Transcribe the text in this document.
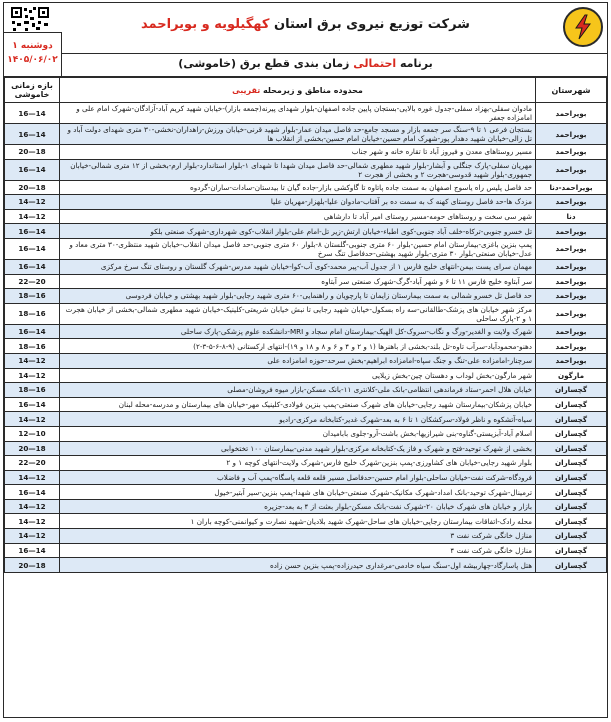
شرکت توزیع نیروی برق استان کهگیلویه و بویراحمد
برنامه احتمالی زمان بندی قطع برق (خاموشی)
دوشنبه ۱
۱۴۰۵/۰۶/۰۲
شهرستان	محدوده مناطق و زیرمحله تقریبی	بازه زمانی خاموشی
بویراحمد	مادوان سفلی-بهزاد سفلی-جدول غوره بالایی-بستجان پایین جاده اصفهان-بلوار شهدای پیرنه(جمعه بازار)-خیابان شهید کریم آباد-آزادگان-شهرک امام علی و امامزاده جعفر	16—14
بویراحمد	بستجان فرعی ۱ تا ۹-سنگ سر جمعه بازار و مسجد جامع-حد فاصل میدان عمار-بلوار شهید قرنی-خیابان ورزش-راهداران-نخشی-۳۰ متری شهدای دولت آباد و تل زالی-خیابان شهید دهدار پور-شهرک امام حسین-خیابان امام حسین-بخشی از انقلاب ها	16—14
بویراحمد	مسیر روستاهای معدن و فیروز آباد تا تقاره خانه و شهر جناب	20—18
بویراحمد	مهریان سفلی-پارک جنگلی و آبشار-بلوار شهید مطهری شمالی-حد فاصل میدان شهدا تا شهدای ۱-بلوار استاندارد-بلوار ارم-بخشی از ۱۲ متری شمالی-خیابان جمهوری-بلوار شهید قدوسی-هجرت ۲ و بخشی از هجرت ۲	16—14
بویراحمد-دنا	حد فاصل پلیس راه یاسوج اصفهان به سمت جاده پاتاوه تا گاوکشی بازار-جاده گیان تا بیدستان-سادات-ساران-گردوه	20—18
بویراحمد	مزدک ها-حد فاصل روستای کهنه ک به سمت ده بر آفتاب-مادوان علیا-بلهزار-مهریان علیا	14—12
دنا	شهر سی سخت و روستاهای حومه-مسیر روستای امیر آباد تا دارشاهی	14—12
بویراحمد	تل خسرو جنوبی-ترکاه-خلف آباد جنوبی-کوی اطباء-خیابان ارتش-زیر تل-امام علی-بلوار انقلاب-کوی شهرداری-شهرک صنعتی بلکو	16—14
بویراحمد	پمپ بنزین باغزی-بیمارستان امام حسین-بلوار ۶۰ متری جنوبی-گلستان ۸-بلوار ۶۰ متری جنوبی-حد فاصل میدان انقلاب-خیابان شهید منتظری-۳۰ متری معاد و عدل-خیابان صنعتی-بلوار ۳۰ متری-بلوار شهید بهشتی-حدفاصل تنگ سرخ	16—14
بویراحمد	مهمان سرای پست بیمن-انتهای خلیج فارس ۱ از جدول آب-پیر محمد-کوی آب-کوا-خیابان شهید مدرس-شهرک گلستان و روستای تنگ سرخ مرکزی	16—14
بویراحمد	سر آبتاوه خلیج فارس ۱۱ تا ۶ و شهر آباد-گرگ-شهرک صنعتی سر آبتاوه	22—20
بویراحمد	حد فاصل تل خسرو شمالی به سمت بیمارستان زایمان تا پارچویان و راهنمایی-۶۰ متری شهید رجایی-بلوار شهید بهشتی و خیابان فردوسی	18—16
بویراحمد	مرکز شهر خیابان های پزشک-طالقانی-سه راه بسکول-خیابان شهید رجایی تا نبش خیابان شریعتی-کلینیک-خیابان شهید مطهری شمالی-بخشی از خیابان هجرت ۱ و ۲-پارک ساحلی	18—16
بویراحمد	شهرک ولایت و الغدیر-ورگ و نگاب-سروک-کل الهیک-بیمارستان امام سجاد و MRI-دانشکده علوم پزشکی-پارک ساحلی	16—14
بویراحمد	دهنو-محمودآباد-سرآب تاوه-تل بلند-بخشی از باهنرها (۱ و ۲ و ۴ و ۶ و ۸ و ۱۸ و ۱۹)-انتهای ارکستانی (۹-۸-۶-۵-۳-۲)	18—16
بویراحمد	سرچنار-امامزاده علی-تنگ و جنگ سپاه-امامزاده ابراهیم-بخش سرحد-حوزه امامزاده علی	14—12
مارگون	شهر مارگون-بخش لوداب و دهستان چین-بخش زیلایی	14—12
گچساران	خیابان هلال احمر-ستاد فرماندهی انتظامی-بانک ملی-کلانتری ۱۱-بانک مسکن-بازار میوه فروشان-مصلی	18—16
گچساران	خیابان پزشکان-بیمارستان شهید رجایی-خیابان های شهرک صنعتی-پمپ بنزین فولادی-کلینیک مهر-خیابان های بیمارستان و مدرسه-محله لبنان	16—14
گچساران	سیاه-آتشکوه و ناظر فولاد-سرکشکان ۱ تا ۶ به بعد-شهرک غدیر-کتابخانه مرکزی-رادیو	14—12
گچساران	اسلام آباد-آبزیستی-گناوه-بنی شیرازیها-بخش باشت-آرو-جلوی بابامیدان	12—10
گچساران	بخشی از شهرک توحید-فتح و شهرک و فاز یک-کتابخانه مرکزی-بلوار شهید مدنی-بیمارستان ۱۰۰ تختخوابی	20—18
گچساران	بلوار شهید رجایی-خیابان های کشاورزی-پمپ بنزین-شهرک خلیج فارس-شهرک ولایت-انتهای کوچه ۱ و ۲	22—20
گچساران	فرودگاه-شرکت نفت-خیابان ساحلی-بلوار امام حسین-حدفاصل مسیر قلعه قلعه پاسگاه-پمپ آب و فاضلاب	14—12
گچساران	ترمینال-شهرک توحید-بانک امداد-شهرک مکانیک-شهرک صنعتی-خیابان های شهدا-پمپ بنزین-سیر آبتیر-خیول	16—14
گچساران	بازار و خیابان های شهرک خیابان ۲۰-شهرک نفت-بانک مسکن-بلوار بعثت از ۴ به بعد-جزیره	14—12
گچساران	محله رادک-اتفاقات بیمارستان رجایی-خیابان های ساحل-شهرک شهید بلادیان-شهید نصارت و کیوانمنی-کوچه باران ۱	14—12
گچساران	منازل خانگی شرکت نفت ۳	14—12
گچساران	منازل خانگی شرکت نفت ۴	16—14
گچساران	هتل پاسارگاد-چهاربیشه اول-سنگ سیاه خادمی-مرغداری حیدرزاده-پمپ بنزین حسن زاده	20—18
